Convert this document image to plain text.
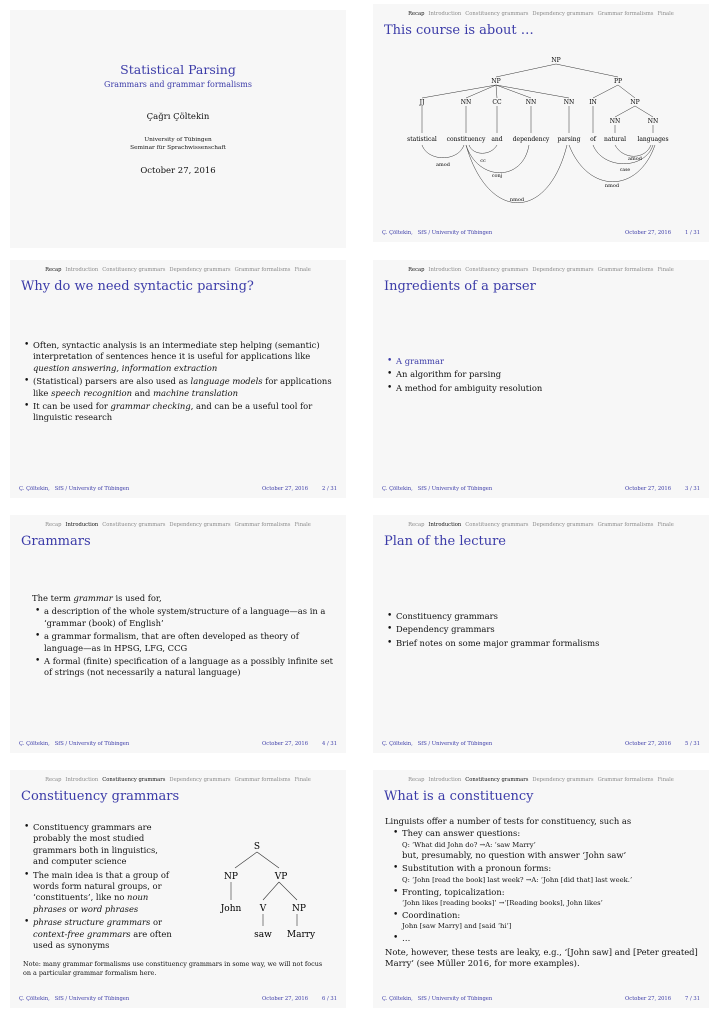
Statistical Parsing
Grammars and grammar formalisms
Çağrı Çöltekin
University of Tübingen
Seminar für Sprachwissenschaft
October 27, 2016
Recap Introduction Constituency grammars Dependency grammars Grammar formalisms Finale
This course is about …
NP
NP	PP
JJ	NN	CC	NN	NN IN	NP
NN	NN
statistical constituency and dependency parsing of natural languages
amod
cc
conj
amod
case
nmod
nmod
Ç. Çöltekin, SfS / University of Tübingen	October 27, 2016	1 / 31
Recap Introduction Constituency grammars Dependency grammars Grammar formalisms Finale
Why do we need syntactic parsing?
• Often, syntactic analysis is an intermediate step helping (semantic) interpretation of sentences hence it is useful for applications like question answering, information extraction
• (Statistical) parsers are also used as language models for applications like speech recognition and machine translation
• It can be used for grammar checking, and can be a useful tool for linguistic research
Ç. Çöltekin, SfS / University of Tübingen	October 27, 2016	2 / 31
Recap Introduction Constituency grammars Dependency grammars Grammar formalisms Finale
Ingredients of a parser
• A grammar
• An algorithm for parsing
• A method for ambiguity resolution
Ç. Çöltekin, SfS / University of Tübingen	October 27, 2016	3 / 31
Recap Introduction Constituency grammars Dependency grammars Grammar formalisms Finale
Grammars
The term grammar is used for,
• a description of the whole system/structure of a language—as in a ‘grammar (book) of English’
• a grammar formalism, that are often developed as theory of language—as in HPSG, LFG, CCG
• A formal (finite) specification of a language as a possibly infinite set of strings (not necessarily a natural language)
Ç. Çöltekin, SfS / University of Tübingen	October 27, 2016	4 / 31
Recap Introduction Constituency grammars Dependency grammars Grammar formalisms Finale
Plan of the lecture
• Constituency grammars
• Dependency grammars
• Brief notes on some major grammar formalisms
Ç. Çöltekin, SfS / University of Tübingen	October 27, 2016	5 / 31
Recap Introduction Constituency grammars Dependency grammars Grammar formalisms Finale
Constituency grammars
• Constituency grammars are probably the most studied grammars both in linguistics, and computer science
• The main idea is that a group of words form natural groups, or ‘constituents’, like no noun phrases or word phrases
• phrase structure grammars or context-free grammars are often used as synonyms
Note: many grammar formalisms use constituency grammars in some way, we will not focus on a particular grammar formalism here.
S
NP	VP
John V	NP
saw Marry
Ç. Çöltekin, SfS / University of Tübingen	October 27, 2016	6 / 31
Recap Introduction Constituency grammars Dependency grammars Grammar formalisms Finale
What is a constituency
Linguists offer a number of tests for constituency, such as
• They can answer questions:
Q: ‘What did John do? →A: ‘saw Marry’
but, presumably, no question with answer ‘John saw’
• Substitution with a pronoun forms:
Q: ‘John [read the book] last week? →A: ‘John [did that] last week.’
• Fronting, topicalization:
‘John likes [reading books]’ →‘[Reading books], John likes’
• Coordination:
John [saw Marry] and [said ‘hi’]
• …
Note, however, these tests are leaky, e.g., ‘[John saw] and [Peter greated] Marry’ (see Müller 2016, for more examples).
Ç. Çöltekin, SfS / University of Tübingen	October 27, 2016	7 / 31
